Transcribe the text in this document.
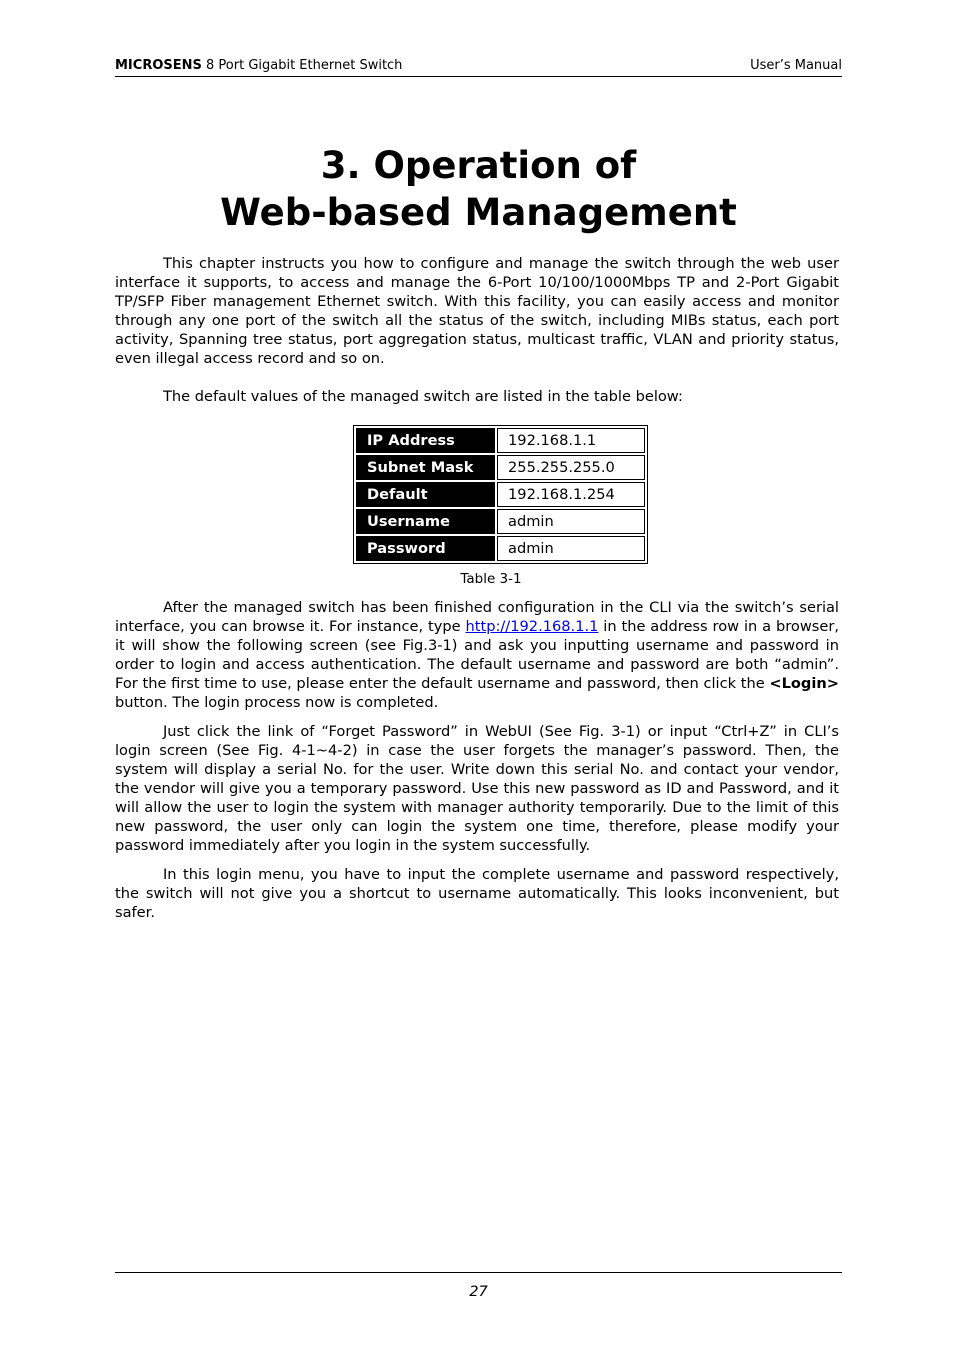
MICROSENS 8 Port Gigabit Ethernet Switch	User’s Manual
3. Operation of
Web-based Management

This chapter instructs you how to configure and manage the switch through the web user interface it supports, to access and manage the 6-Port 10/100/1000Mbps TP and 2-Port Gigabit TP/SFP Fiber management Ethernet switch. With this facility, you can easily access and monitor through any one port of the switch all the status of the switch, including MIBs status, each port activity, Spanning tree status, port aggregation status, multicast traffic, VLAN and priority status, even illegal access record and so on.

The default values of the managed switch are listed in the table below:

IP Address	192.168.1.1
Subnet Mask	255.255.255.0
Default	192.168.1.254
Username	admin
Password	admin
Table 3-1

After the managed switch has been finished configuration in the CLI via the switch’s serial interface, you can browse it. For instance, type http://192.168.1.1 in the address row in a browser, it will show the following screen (see Fig.3-1) and ask you inputting username and password in order to login and access authentication. The default username and password are both “admin”. For the first time to use, please enter the default username and password, then click the <Login> button. The login process now is completed.

Just click the link of “Forget Password” in WebUI (See Fig. 3-1) or input “Ctrl+Z” in CLI’s login screen (See Fig. 4-1~4-2) in case the user forgets the manager’s password. Then, the system will display a serial No. for the user. Write down this serial No. and contact your vendor, the vendor will give you a temporary password. Use this new password as ID and Password, and it will allow the user to login the system with manager authority temporarily. Due to the limit of this new password, the user only can login the system one time, therefore, please modify your password immediately after you login in the system successfully.

In this login menu, you have to input the complete username and password respectively, the switch will not give you a shortcut to username automatically. This looks inconvenient, but safer.

27
